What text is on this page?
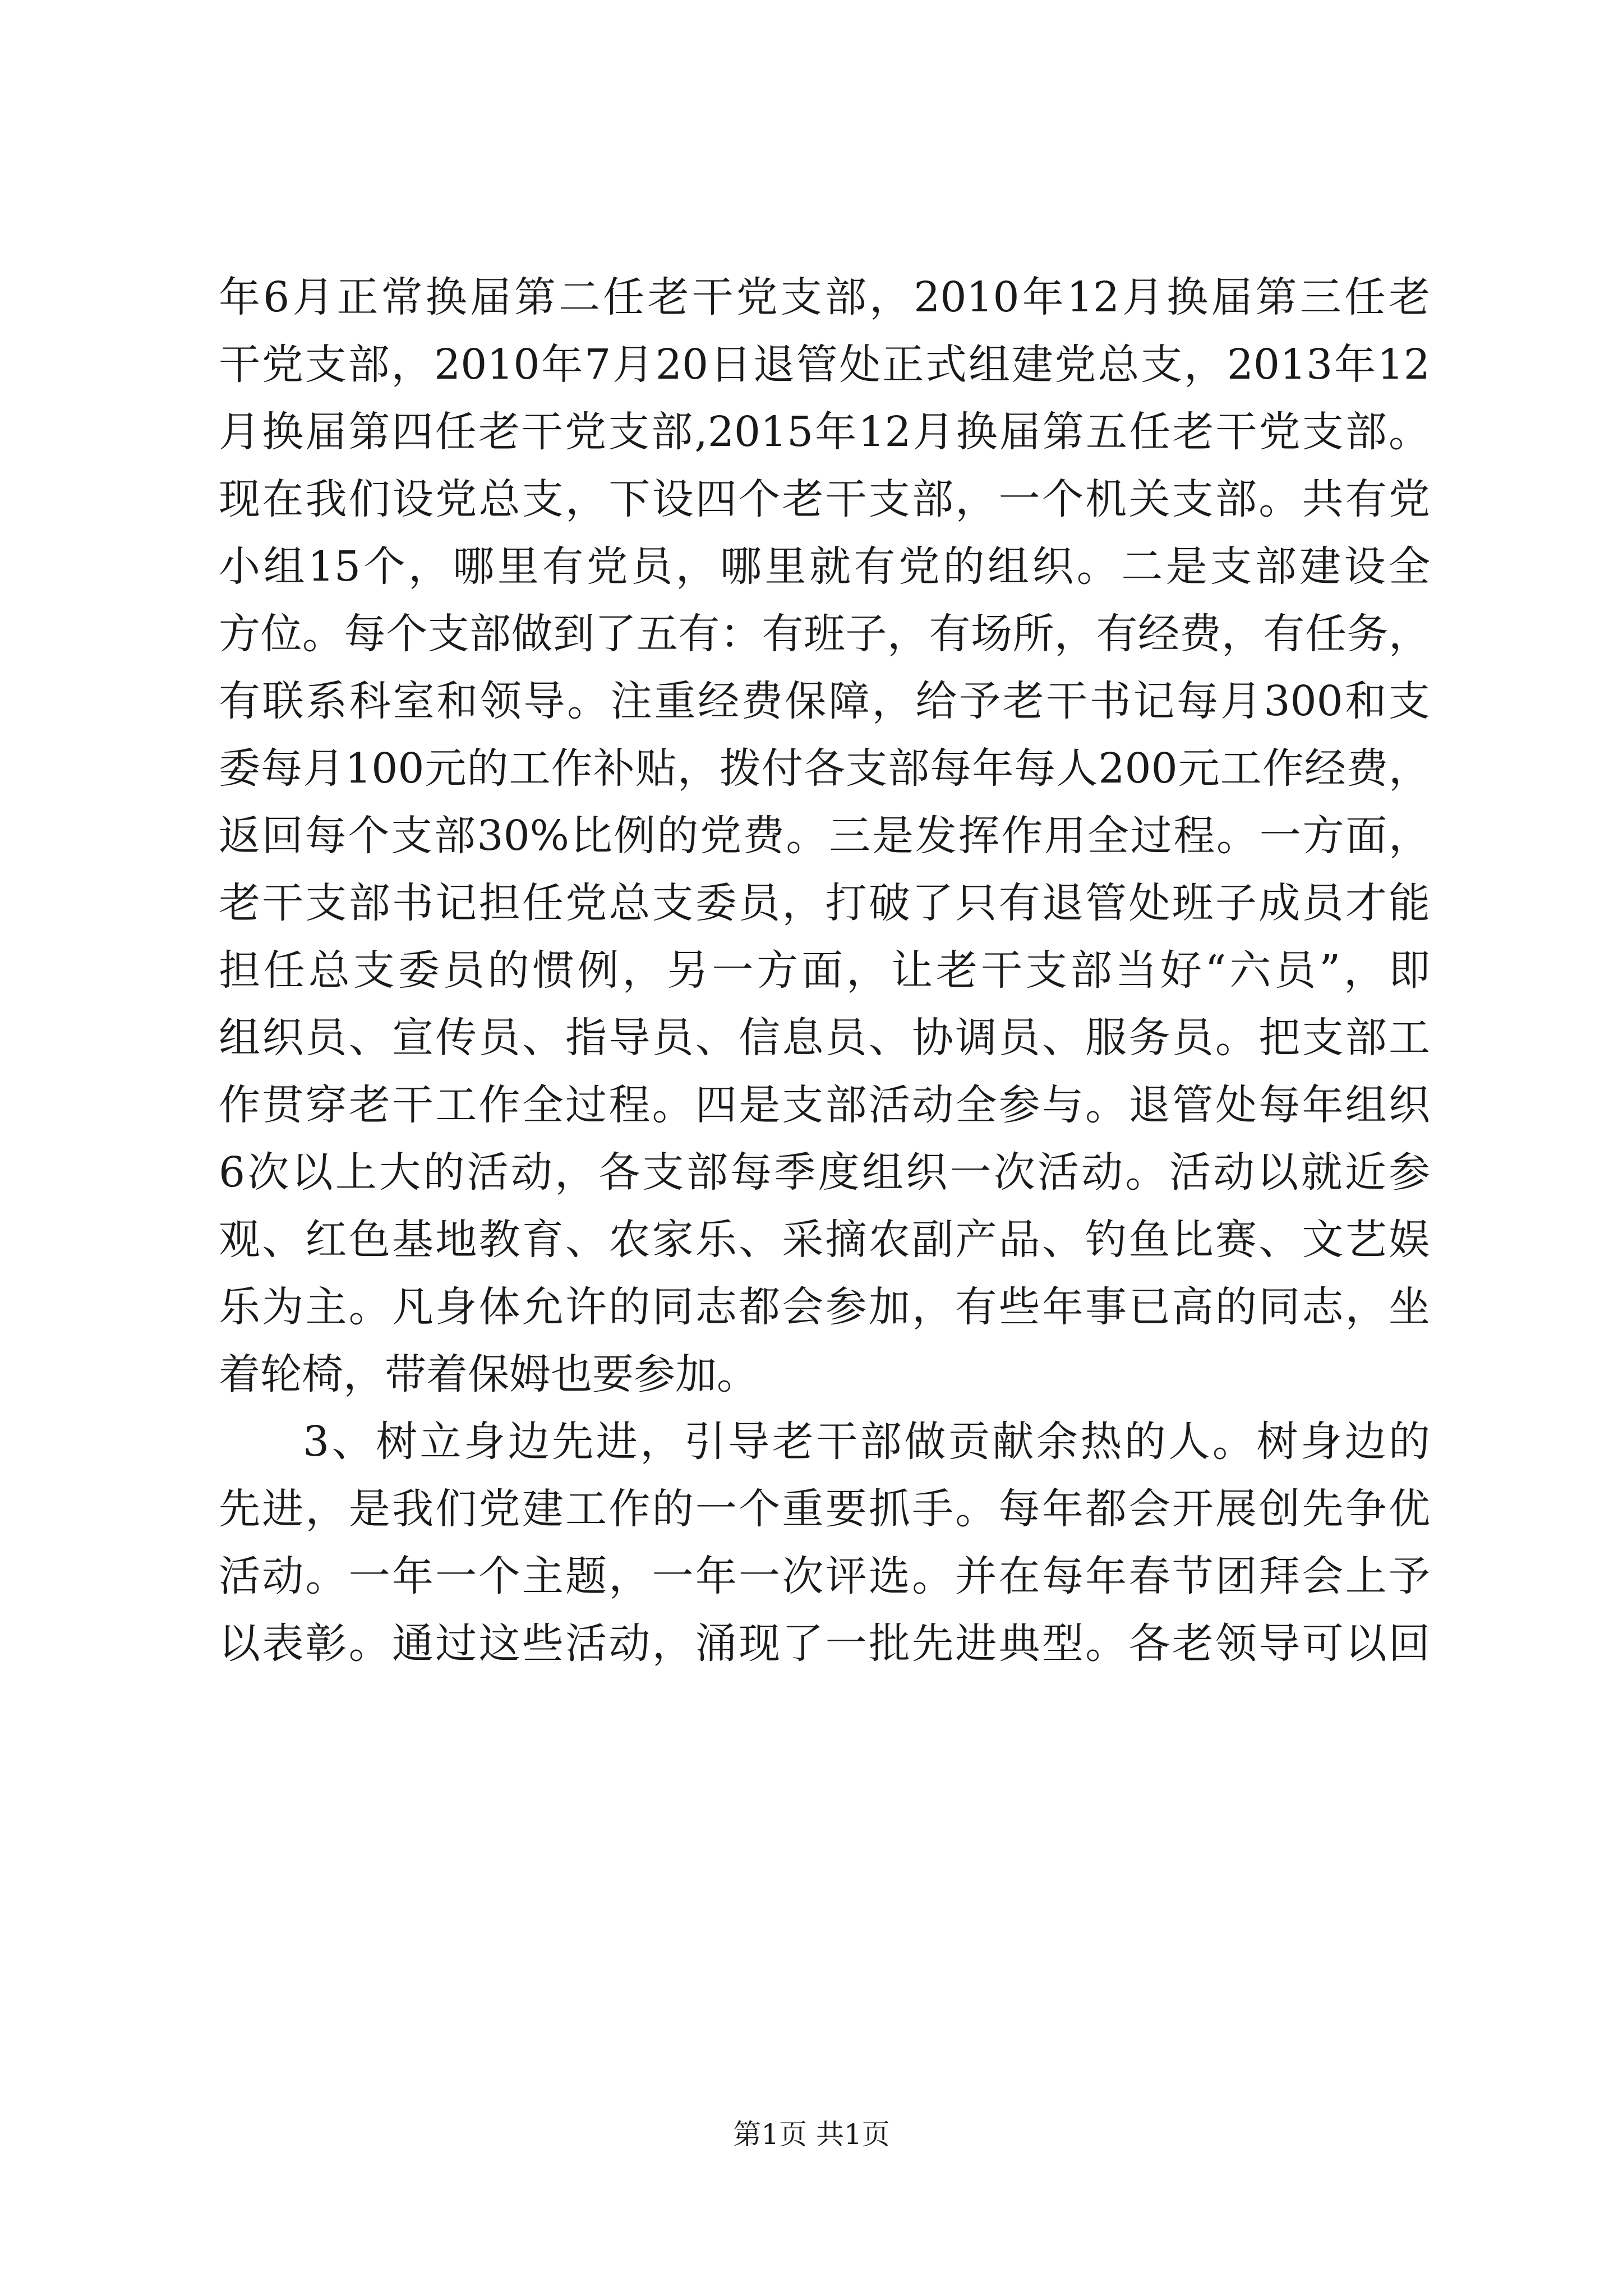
年6月正常换届第二任老干党支部，2010年12月换届第三任老
干党支部，2010年7月20日退管处正式组建党总支，2013年12
月换届第四任老干党支部,2015年12月换届第五任老干党支部。
现在我们设党总支，下设四个老干支部，一个机关支部。共有党
小组15个，哪里有党员，哪里就有党的组织。二是支部建设全
方位。每个支部做到了五有：有班子，有场所，有经费，有任务，
有联系科室和领导。注重经费保障，给予老干书记每月300和支
委每月100元的工作补贴，拨付各支部每年每人200元工作经费，
返回每个支部30%比例的党费。三是发挥作用全过程。一方面，
老干支部书记担任党总支委员，打破了只有退管处班子成员才能
担任总支委员的惯例，另一方面，让老干支部当好“六员”，即
组织员、宣传员、指导员、信息员、协调员、服务员。把支部工
作贯穿老干工作全过程。四是支部活动全参与。退管处每年组织
6次以上大的活动，各支部每季度组织一次活动。活动以就近参
观、红色基地教育、农家乐、采摘农副产品、钓鱼比赛、文艺娱
乐为主。凡身体允许的同志都会参加，有些年事已高的同志，坐
着轮椅，带着保姆也要参加。
3、树立身边先进，引导老干部做贡献余热的人。树身边的
先进，是我们党建工作的一个重要抓手。每年都会开展创先争优
活动。一年一个主题，一年一次评选。并在每年春节团拜会上予
以表彰。通过这些活动，涌现了一批先进典型。各老领导可以回
第1页 共1页
